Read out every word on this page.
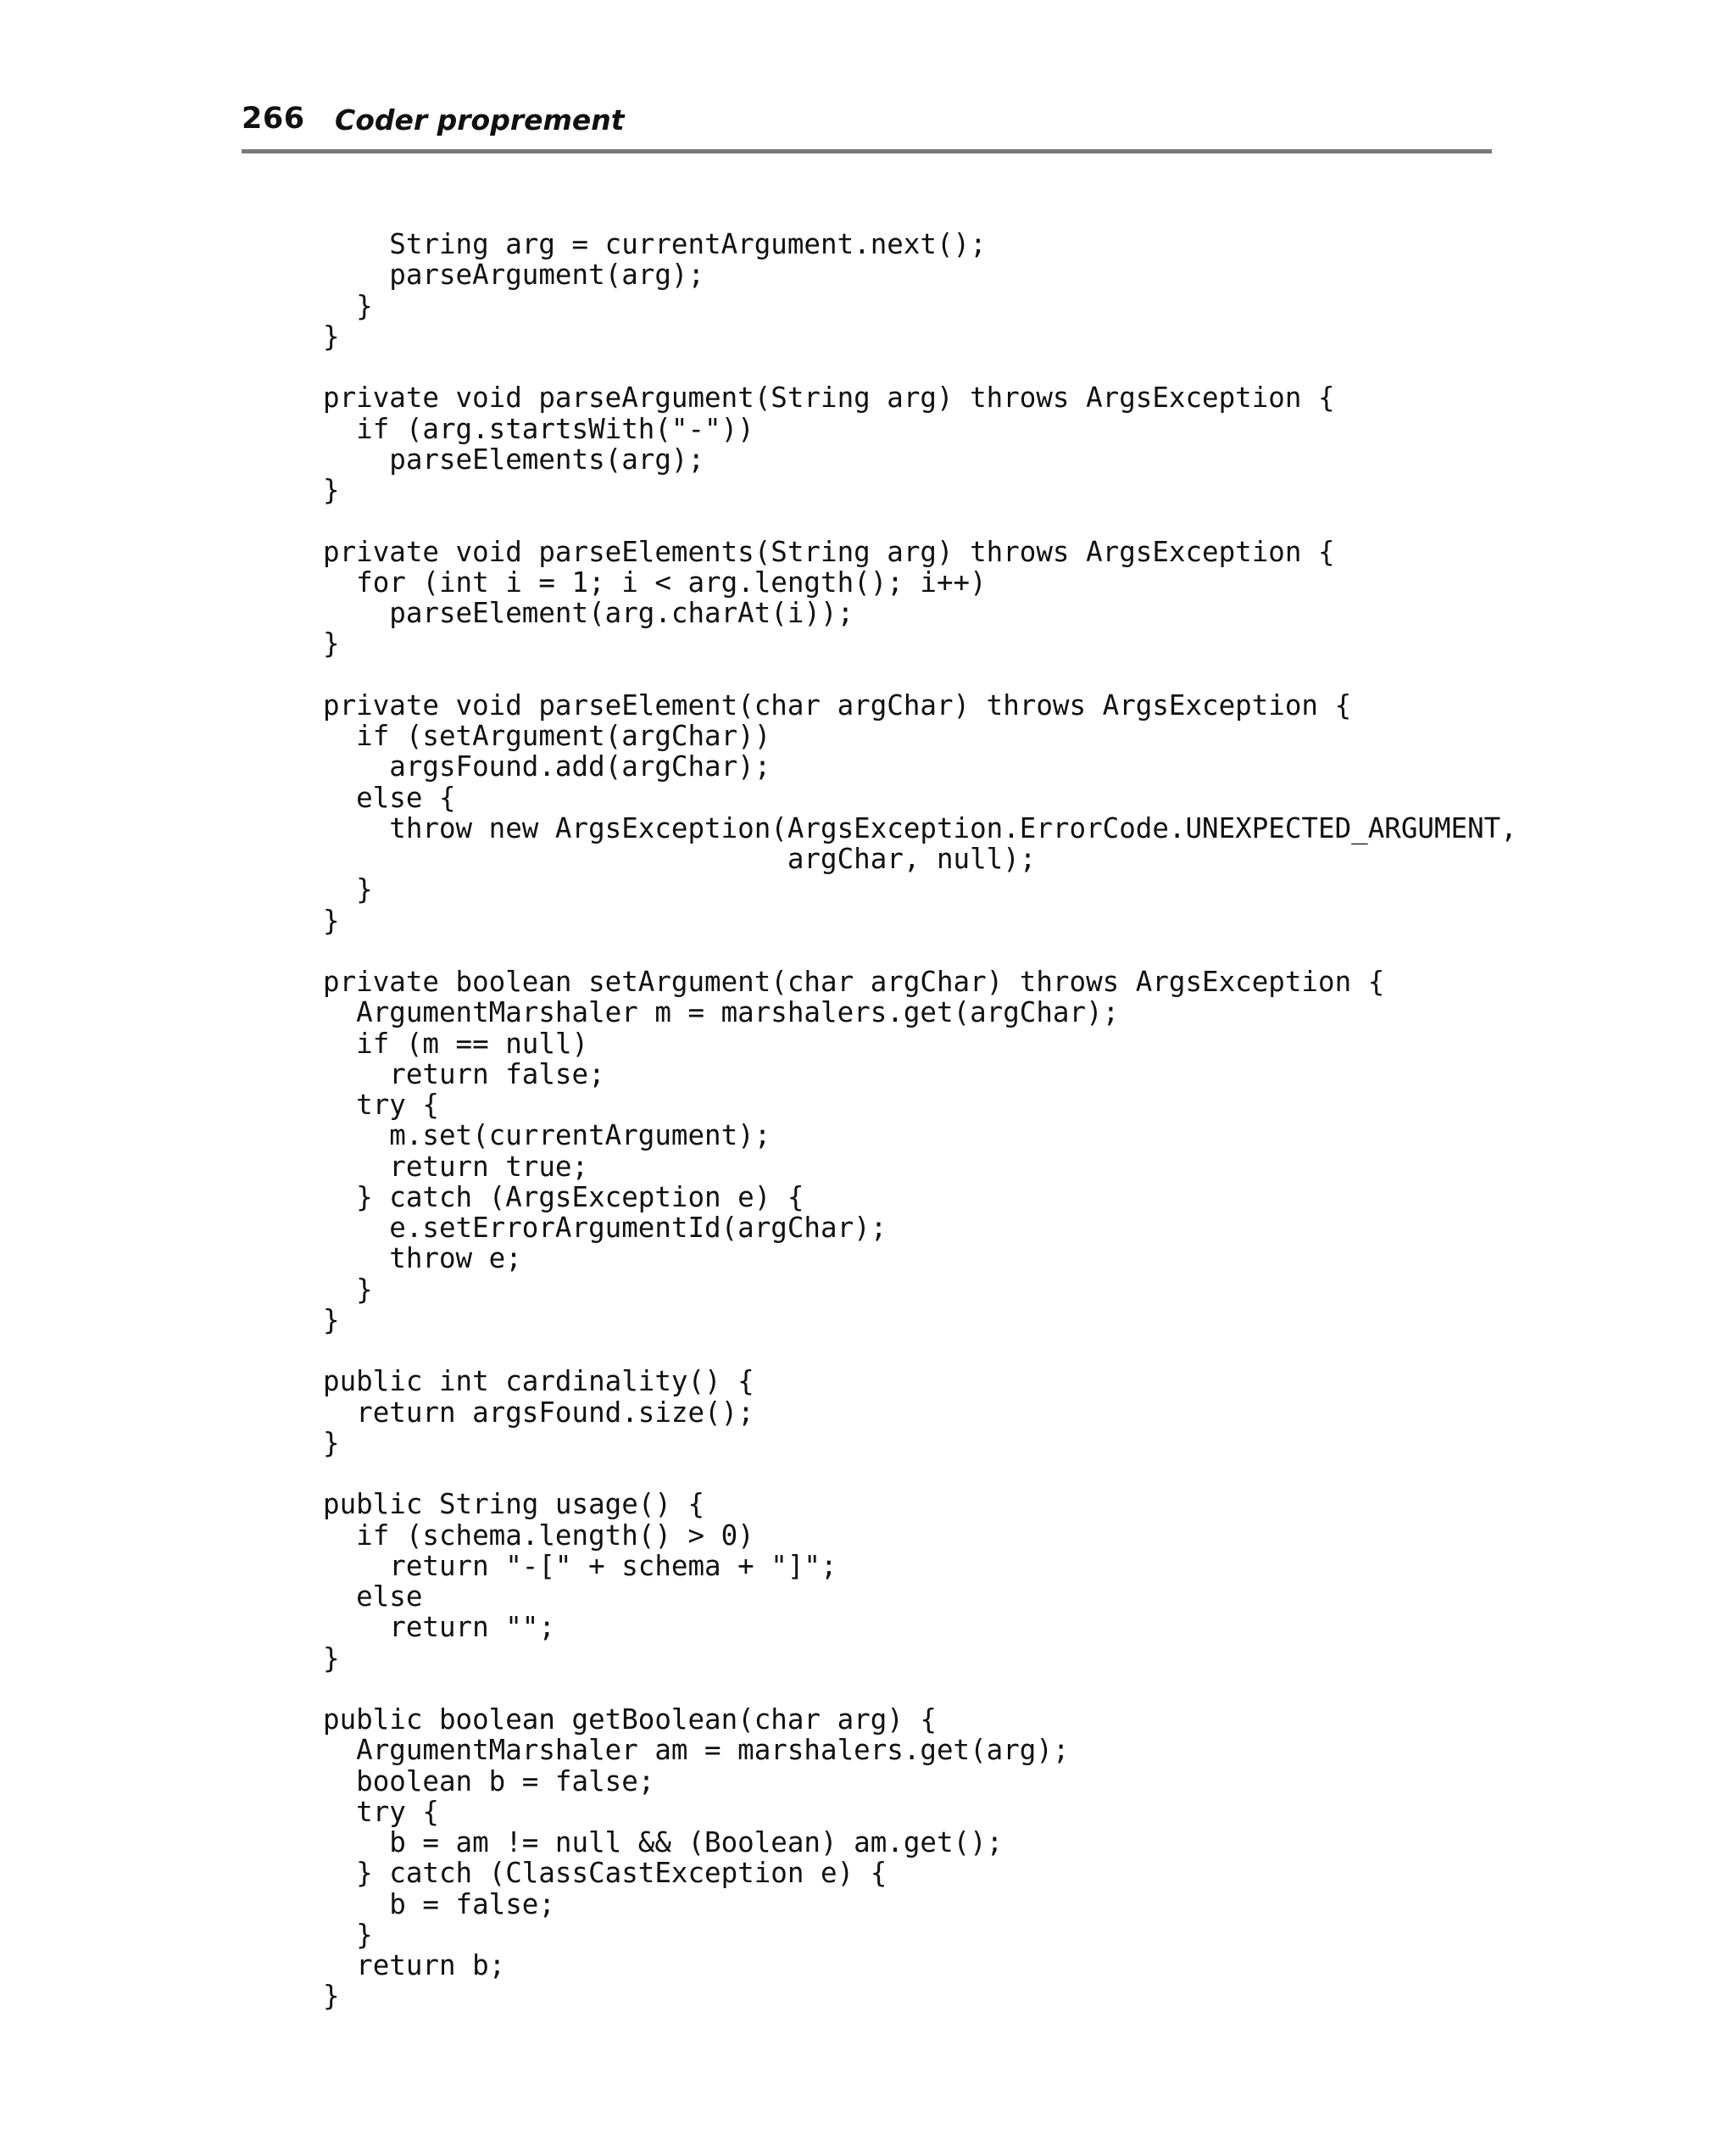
266 Coder proprement
String arg = currentArgument.next();
parseArgument(arg);
}
}
private void parseArgument(String arg) throws ArgsException {
if (arg.startsWith("-"))
parseElements(arg);
}
private void parseElements(String arg) throws ArgsException {
for (int i = 1; i < arg.length(); i++)
parseElement(arg.charAt(i));
}
private void parseElement(char argChar) throws ArgsException {
if (setArgument(argChar))
argsFound.add(argChar);
else {
throw new ArgsException(ArgsException.ErrorCode.UNEXPECTED_ARGUMENT,
argChar, null);
}
}
private boolean setArgument(char argChar) throws ArgsException {
ArgumentMarshaler m = marshalers.get(argChar);
if (m == null)
return false;
try {
m.set(currentArgument);
return true;
} catch (ArgsException e) {
e.setErrorArgumentId(argChar);
throw e;
}
}
public int cardinality() {
return argsFound.size();
}
public String usage() {
if (schema.length() > 0)
return "-[" + schema + "]";
else
return "";
}
public boolean getBoolean(char arg) {
ArgumentMarshaler am = marshalers.get(arg);
boolean b = false;
try {
b = am != null && (Boolean) am.get();
} catch (ClassCastException e) {
b = false;
}
return b;
}
